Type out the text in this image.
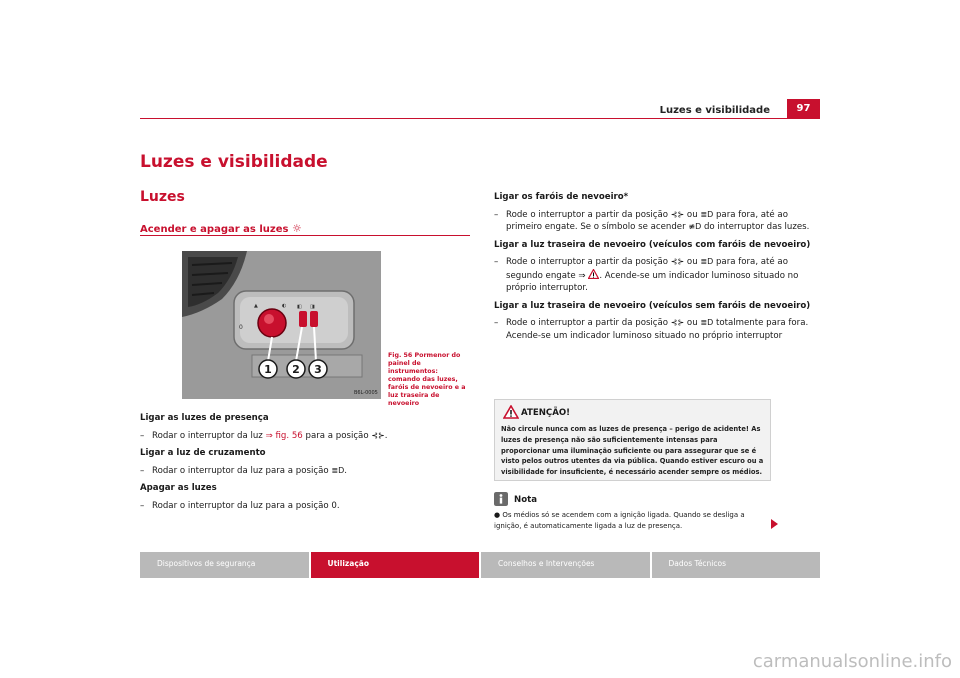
Luzes e visibilidade	97
Luzes e visibilidade
Luzes
Acender e apagar as luzes ☼
0
▲	◐ ◧ ◨
1 2 3
B6L-0005
Fig. 56 Pormenor do painel de instrumentos: comando das luzes, faróis de nevoeiro e a luz traseira de nevoeiro

Ligar as luzes de presença

– Rodar o interruptor da luz ⇒ fig. 56 para a posição ⊰⊱.

Ligar a luz de cruzamento

– Rodar o interruptor da luz para a posição ≣D.

Apagar as luzes

– Rodar o interruptor da luz para a posição 0.

Ligar os faróis de nevoeiro*

– Rode o interruptor a partir da posição ⊰⊱ ou ≣D para fora, até ao primeiro engate. Se o símbolo se acender ≢D do interruptor das luzes.

Ligar a luz traseira de nevoeiro (veículos com faróis de nevoeiro)

– Rode o interruptor a partir da posição ⊰⊱ ou ≣D para fora, até ao segundo engate ⇒ . Acende-se um indicador luminoso situado no próprio interruptor.

Ligar a luz traseira de nevoeiro (veículos sem faróis de nevoeiro)

– Rode o interruptor a partir da posição ⊰⊱ ou ≣D totalmente para fora. Acende-se um indicador luminoso situado no próprio interruptor

ATENÇÃO!
Não circule nunca com as luzes de presença – perigo de acidente! As luzes de presença não são suficientemente intensas para proporcionar uma iluminação suficiente ou para assegurar que se é visto pelos outros utentes da via pública. Quando estiver escuro ou a visibilidade for insuficiente, é necessário acender sempre os médios.
Nota
● Os médios só se acendem com a ignição ligada. Quando se desliga a ignição, é automaticamente ligada a luz de presença.
Dispositivos de segurança	Utilização	Conselhos e Intervenções	Dados Técnicos
carmanualsonline.info
